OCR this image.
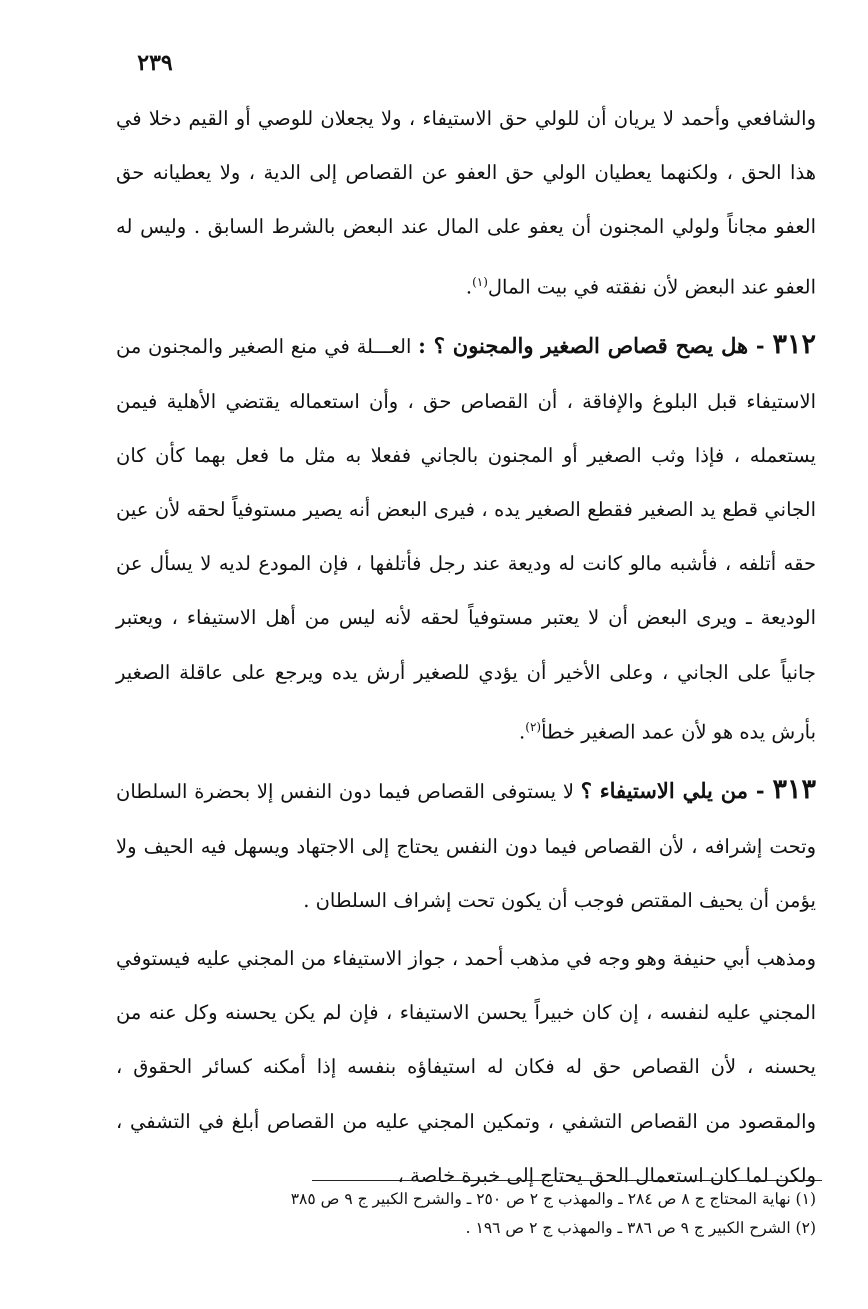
٢٣٩

والشافعي وأحمد لا يريان أن للولي حق الاستيفاء ، ولا يجعلان للوصي أو القيم دخلا في هذا الحق ، ولكنهما يعطيان الولي حق العفو عن القصاص إلى الدية ، ولا يعطيانه حق العفو مجاناً ولولي المجنون أن يعفو على المال عند البعض بالشرط السابق . وليس له العفو عند البعض لأن نفقته في بيت المال$^{(١)}$.

٣١٢ - هل يصح قصاص الصغير والمجنون ؟ : العـــلة في منع الصغير والمجنون من الاستيفاء قبل البلوغ والإفاقة ، أن القصاص حق ، وأن استعماله يقتضي الأهلية فيمن يستعمله ، فإذا وثب الصغير أو المجنون بالجاني ففعلا به مثل ما فعل بهما كأن كان الجاني قطع يد الصغير فقطع الصغير يده ، فيرى البعض أنه يصير مستوفياً لحقه لأن عين حقه أتلفه ، فأشبه مالو كانت له وديعة عند رجل فأتلفها ، فإن المودع لديه لا يسأل عن الوديعة ـ ويرى البعض أن لا يعتبر مستوفياً لحقه لأنه ليس من أهل الاستيفاء ، ويعتبر جانياً على الجاني ، وعلى الأخير أن يؤدي للصغير أرش يده ويرجع على عاقلة الصغير بأرش يده هو لأن عمد الصغير خطأ$^{(٢)}$.

٣١٣ - من يلي الاستيفاء ؟ لا يستوفى القصاص فيما دون النفس إلا بحضرة السلطان وتحت إشرافه ، لأن القصاص فيما دون النفس يحتاج إلى الاجتهاد ويسهل فيه الحيف ولا يؤمن أن يحيف المقتص فوجب أن يكون تحت إشراف السلطان .

ومذهب أبي حنيفة وهو وجه في مذهب أحمد ، جواز الاستيفاء من المجني عليه فيستوفي المجني عليه لنفسه ، إن كان خبيراً يحسن الاستيفاء ، فإن لم يكن يحسنه وكل عنه من يحسنه ، لأن القصاص حق له فكان له استيفاؤه بنفسه إذا أمكنه كسائر الحقوق ، والمقصود من القصاص التشفي ، وتمكين المجني عليه من القصاص أبلغ في التشفي ، ولكن لما كان استعمال الحق يحتاج إلى خبرة خاصة ،

(١) نهاية المحتاج ج ٨ ص ٢٨٤ ـ والمهذب ج ٢ ص ٢٥٠ ـ والشرح الكبير ج ٩ ص ٣٨٥

(٢) الشرح الكبير ج ٩ ص ٣٨٦ ـ والمهذب ج ٢ ص ١٩٦ .
